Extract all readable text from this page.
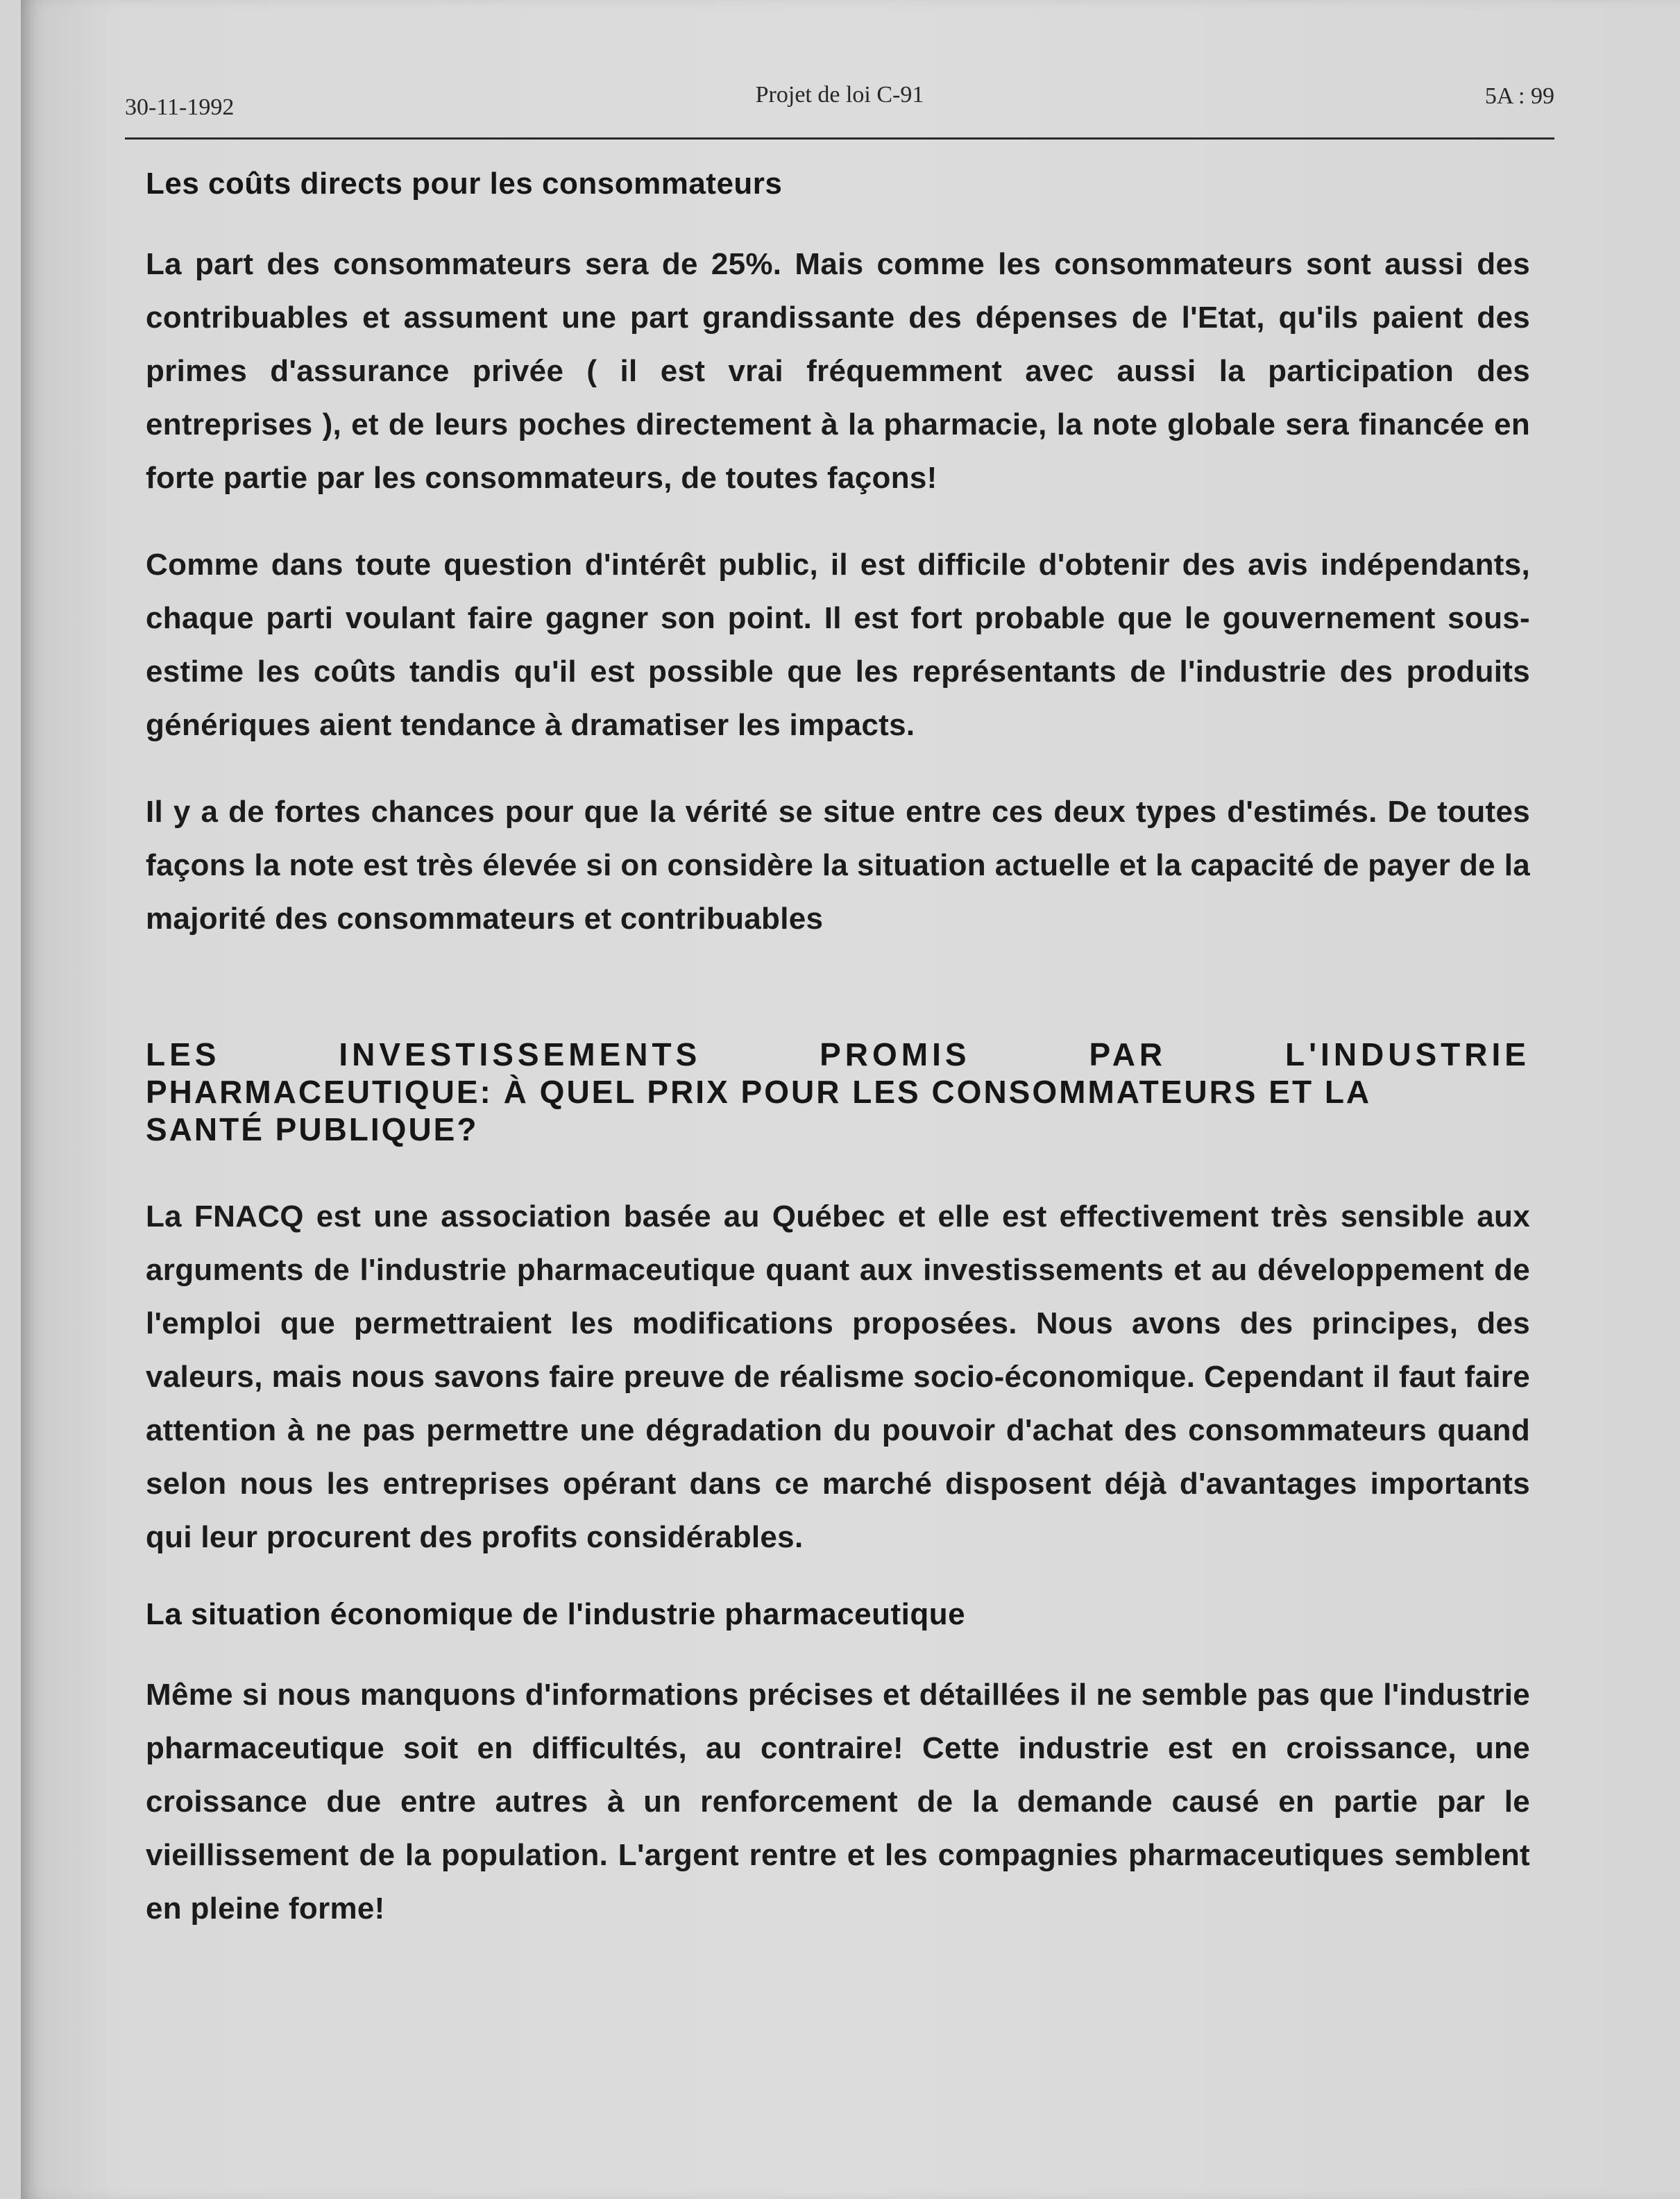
30-11-1992	Projet de loi C-91	5A : 99
Les coûts directs pour les consommateurs

La part des consommateurs sera de 25%. Mais comme les consommateurs sont aussi des contribuables et assument une part grandissante des dépenses de l'Etat, qu'ils paient des primes d'assurance privée ( il est vrai fréquemment avec aussi la participation des entreprises ), et de leurs poches directement à la pharmacie, la note globale sera financée en forte partie par les consommateurs, de toutes façons!

Comme dans toute question d'intérêt public, il est difficile d'obtenir des avis indépendants, chaque parti voulant faire gagner son point. Il est fort probable que le gouvernement sous-estime les coûts tandis qu'il est possible que les représentants de l'industrie des produits génériques aient tendance à dramatiser les impacts.

Il y a de fortes chances pour que la vérité se situe entre ces deux types d'estimés. De toutes façons la note est très élevée si on considère la situation actuelle et la capacité de payer de la majorité des consommateurs et contribuables

LES	INVESTISSEMENTS	PROMIS	PAR	L'INDUSTRIE
PHARMACEUTIQUE: À QUEL PRIX POUR LES CONSOMMATEURS ET LA
SANTÉ PUBLIQUE?

La FNACQ est une association basée au Québec et elle est effectivement très sensible aux arguments de l'industrie pharmaceutique quant aux investissements et au développement de l'emploi que permettraient les modifications proposées. Nous avons des principes, des valeurs, mais nous savons faire preuve de réalisme socio-économique. Cependant il faut faire attention à ne pas permettre une dégradation du pouvoir d'achat des consommateurs quand selon nous les entreprises opérant dans ce marché disposent déjà d'avantages importants qui leur procurent des profits considérables.

La situation économique de l'industrie pharmaceutique

Même si nous manquons d'informations précises et détaillées il ne semble pas que l'industrie pharmaceutique soit en difficultés, au contraire! Cette industrie est en croissance, une croissance due entre autres à un renforcement de la demande causé en partie par le vieillissement de la population. L'argent rentre et les compagnies pharmaceutiques semblent en pleine forme!
